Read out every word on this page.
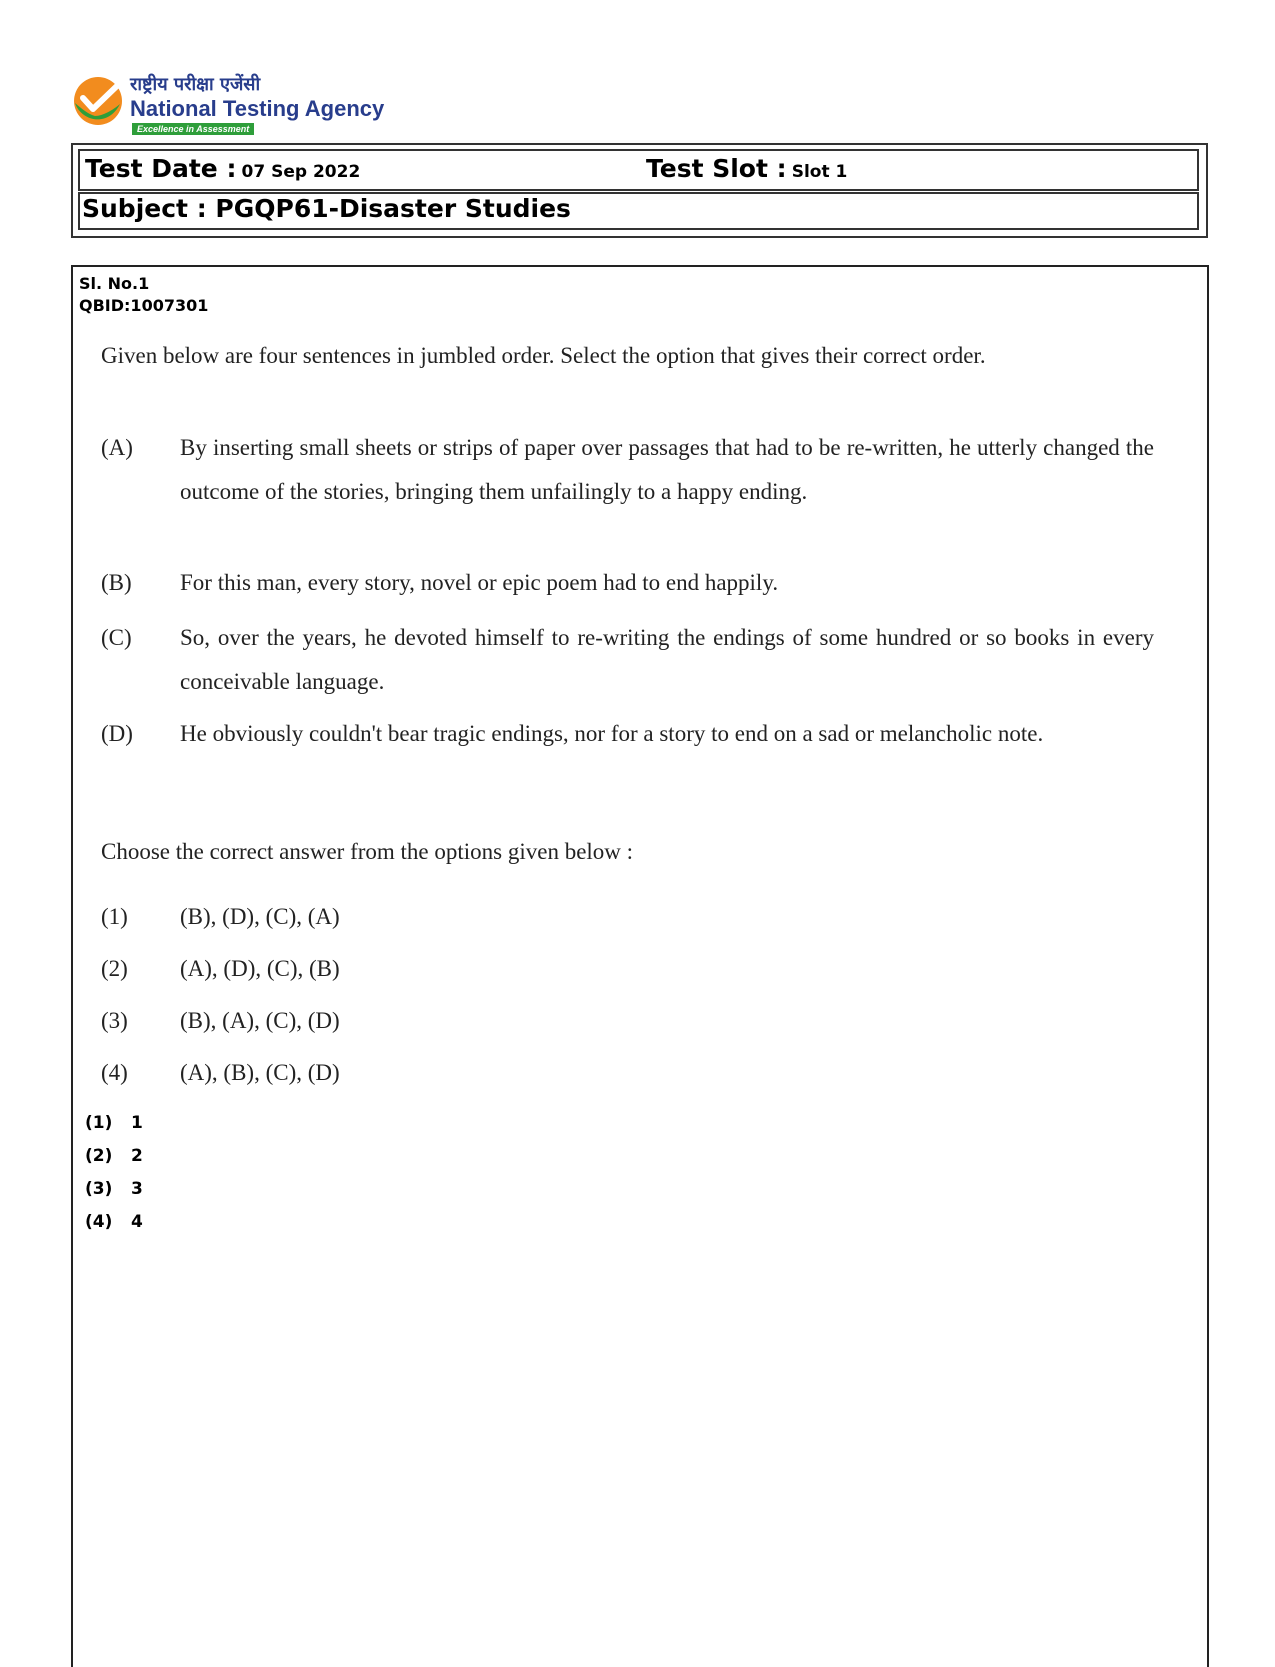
राष्ट्रीय परीक्षा एजेंसी
National Testing Agency
Excellence in Assessment
Test Date : 07 Sep 2022	Test Slot : Slot 1
Subject : PGQP61-Disaster Studies
Sl. No.1
QBID:1007301
Given below are four sentences in jumbled order. Select the option that gives their correct order.
(A) By inserting small sheets or strips of paper over passages that had to be re-written, he utterly changed the outcome of the stories, bringing them unfailingly to a happy ending.
(B) For this man, every story, novel or epic poem had to end happily.
(C) So, over the years, he devoted himself to re-writing the endings of some hundred or so books in every conceivable language.
(D) He obviously couldn't bear tragic endings, nor for a story to end on a sad or melancholic note.
Choose the correct answer from the options given below :
(1) (B), (D), (C), (A)
(2) (A), (D), (C), (B)
(3) (B), (A), (C), (D)
(4) (A), (B), (C), (D)
(1) 1
(2) 2
(3) 3
(4) 4
